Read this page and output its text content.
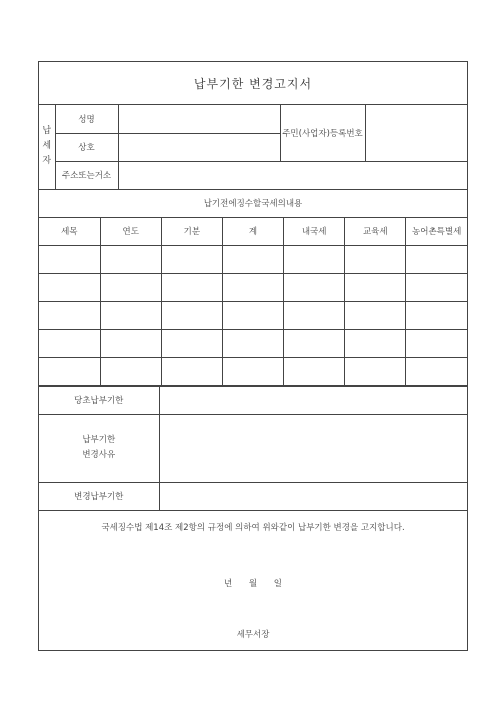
납부기한 변경고지서
납
세
자	성명		주민(사업자)등록번호	
	상호			
	주소또는거소			
납기전에징수할국세의내용
세목	연도	기분	계	내국세	교육세	농어촌특별세

당초납부기한	

납부기한
변경사유	

변경납부기한	
국세징수법 제14조 제2항의 규정에 의하여 위와같이 납부기한 변경을 고지합니다.
년 월 일
세무서장
